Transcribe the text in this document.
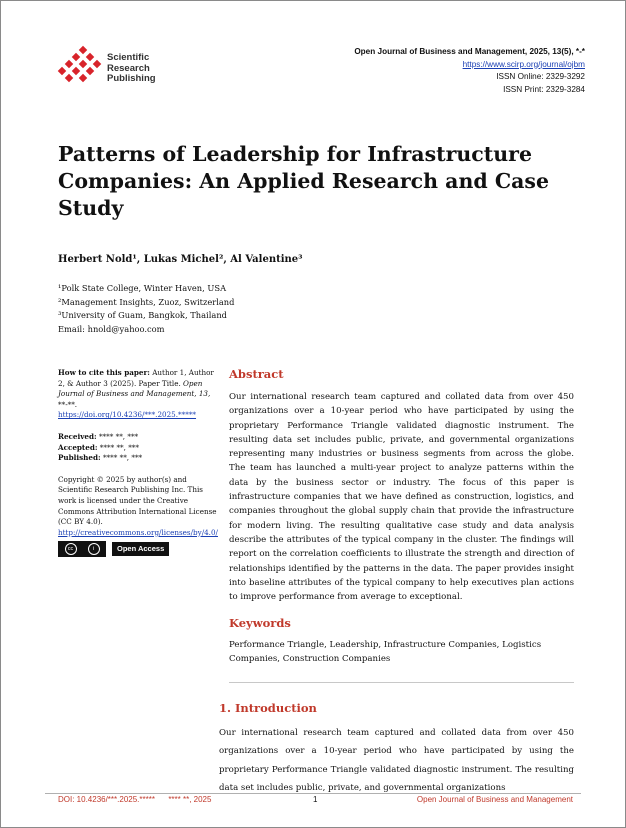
Scientific
Research
Publishing
Open Journal of Business and Management, 2025, 13(5), *-*
https://www.scirp.org/journal/ojbm
ISSN Online: 2329-3292
ISSN Print: 2329-3284
Patterns of Leadership for Infrastructure Companies: An Applied Research and Case Study
Herbert Nold¹, Lukas Michel², Al Valentine³
¹Polk State College, Winter Haven, USA
²Management Insights, Zuoz, Switzerland
³University of Guam, Bangkok, Thailand
Email: hnold@yahoo.com
How to cite this paper: Author 1, Author 2, & Author 3 (2025). Paper Title. Open Journal of Business and Management, 13, **-**.
https://doi.org/10.4236/***.2025.*****
Received: **** **, ***
Accepted: **** **, ***
Published: **** **, ***
Copyright © 2025 by author(s) and Scientific Research Publishing Inc. This work is licensed under the Creative Commons Attribution International License (CC BY 4.0).
http://creativecommons.org/licenses/by/4.0/
cc	i	Open Access
Abstract

Our international research team captured and collated data from over 450 organizations over a 10-year period who have participated by using the proprietary Performance Triangle validated diagnostic instrument. The resulting data set includes public, private, and governmental organizations representing many industries or business segments from across the globe. The team has launched a multi-year project to analyze patterns within the data by the business sector or industry. The focus of this paper is infrastructure companies that we have defined as construction, logistics, and companies throughout the global supply chain that provide the infrastructure for modern living. The resulting qualitative case study and data analysis describe the attributes of the typical company in the cluster. The findings will report on the correlation coefficients to illustrate the strength and direction of relationships identified by the patterns in the data. The paper provides insight into baseline attributes of the typical company to help executives plan actions to improve performance from average to exceptional.

Keywords

Performance Triangle, Leadership, Infrastructure Companies, Logistics Companies, Construction Companies

1. Introduction

Our international research team captured and collated data from over 450 organizations over a 10-year period who have participated by using the proprietary Performance Triangle validated diagnostic instrument. The resulting data set includes public, private, and governmental organizations

DOI: 10.4236/***.2025.***** **** **, 2025	1	Open Journal of Business and Management
